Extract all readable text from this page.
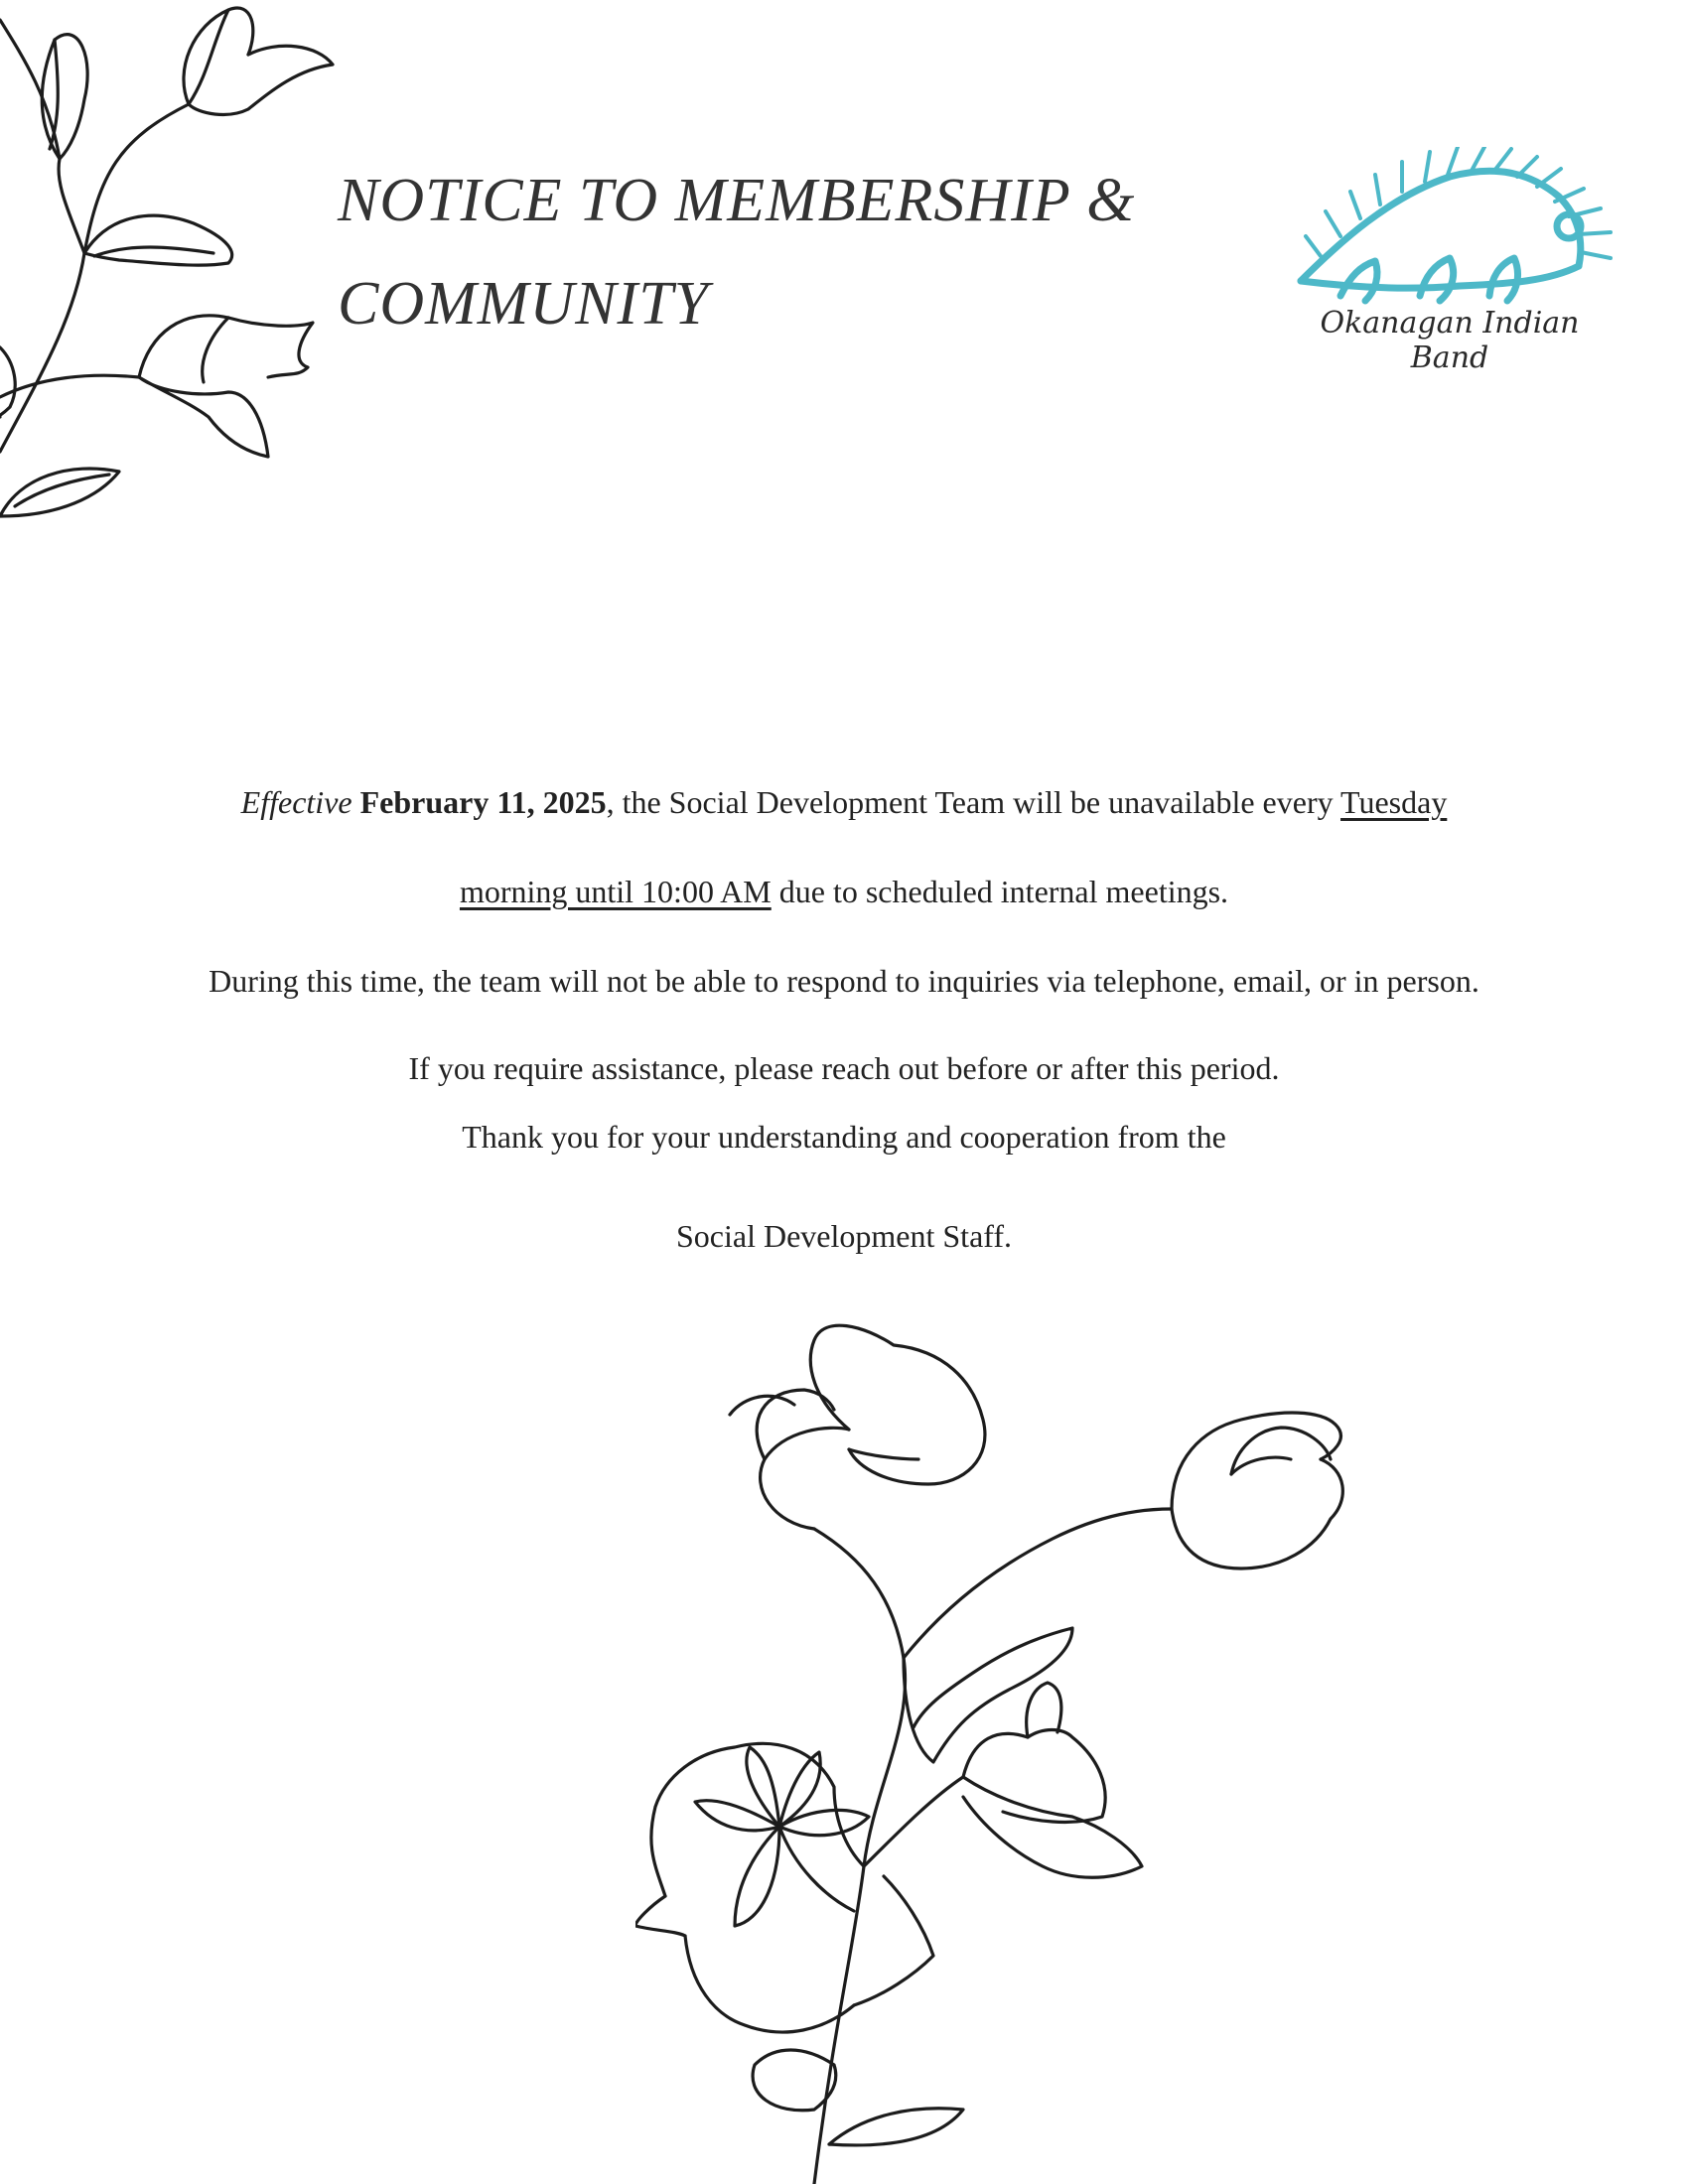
NOTICE TO MEMBERSHIP &
COMMUNITY	Okanagan Indian Band
Effective February 11, 2025, the Social Development Team will be unavailable every Tuesday
morning until 10:00 AM due to scheduled internal meetings.
During this time, the team will not be able to respond to inquiries via telephone, email, or in person.
If you require assistance, please reach out before or after this period.
Thank you for your understanding and cooperation from the
Social Development Staff.
